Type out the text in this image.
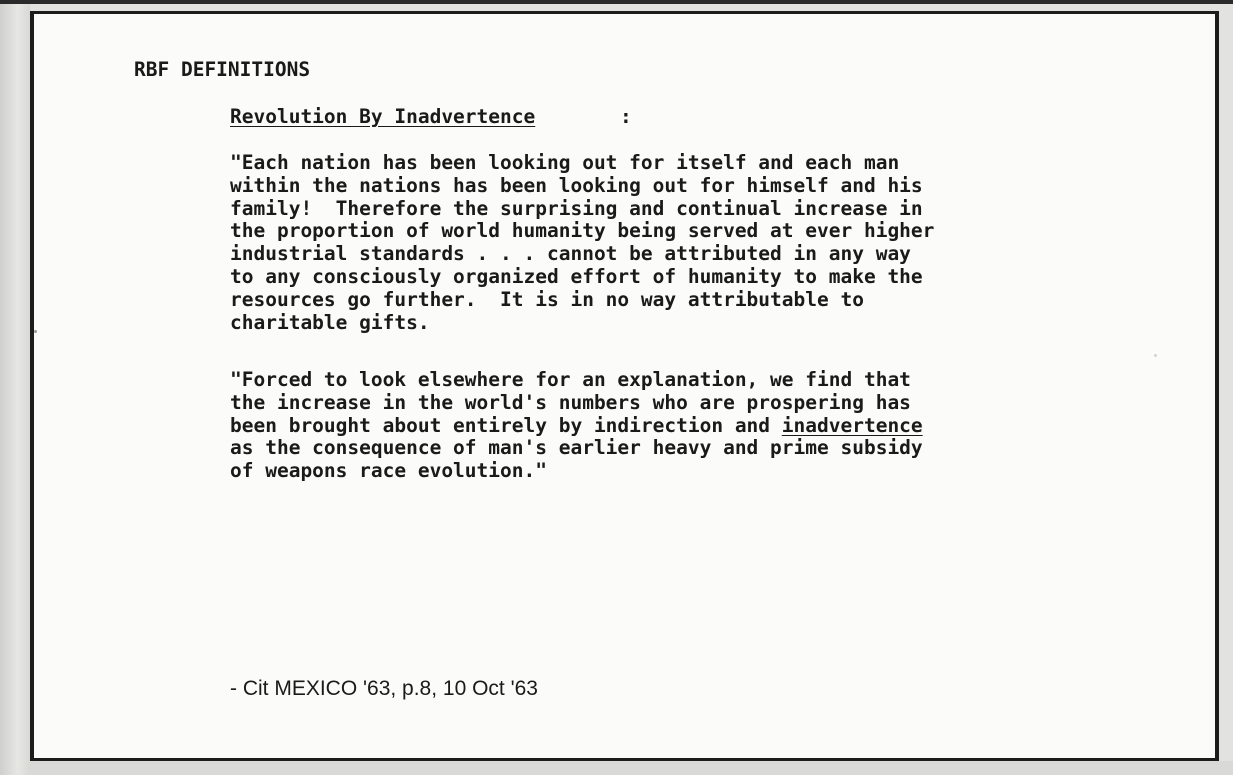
RBF DEFINITIONS
Revolution By Inadvertence	:
"Each nation has been looking out for itself and each man
within the nations has been looking out for himself and his
family!  Therefore the surprising and continual increase in
the proportion of world humanity being served at ever higher
industrial standards . . . cannot be attributed in any way
to any consciously organized effort of humanity to make the
resources go further.  It is in no way attributable to
charitable gifts.
"Forced to look elsewhere for an explanation, we find that
the increase in the world's numbers who are prospering has
been brought about entirely by indirection and inadvertence
as the consequence of man's earlier heavy and prime subsidy
of weapons race evolution."
- Cit MEXICO '63, p.8, 10 Oct '63
